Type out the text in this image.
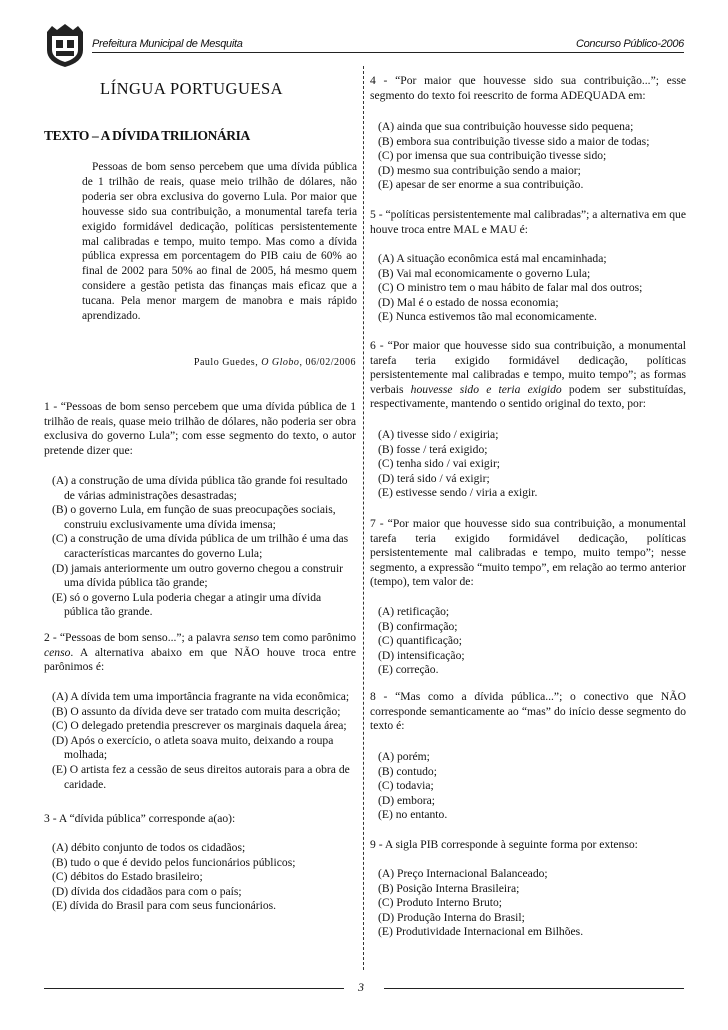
Prefeitura Municipal de Mesquita	Concurso Público-2006
LÍNGUA PORTUGUESA
TEXTO – A DÍVIDA TRILIONÁRIA

Pessoas de bom senso percebem que uma dívida pública de 1 trilhão de reais, quase meio trilhão de dólares, não poderia ser obra exclusiva do governo Lula. Por maior que houvesse sido sua contribuição, a monumental tarefa teria exigido formidável dedicação, políticas persistentemente mal calibradas e tempo, muito tempo. Mas como a dívida pública expressa em porcentagem do PIB caiu de 60% ao final de 2002 para 50% ao final de 2005, há mesmo quem considere a gestão petista das finanças mais eficaz que a tucana. Pela menor margem de manobra e mais rápido aprendizado.

Paulo Guedes, O Globo, 06/02/2006

1 - “Pessoas de bom senso percebem que uma dívida pública de 1 trilhão de reais, quase meio trilhão de dólares, não poderia ser obra exclusiva do governo Lula”; com esse segmento do texto, o autor pretende dizer que:

(A) a construção de uma dívida pública tão grande foi resultado de várias administrações desastradas;
(B) o governo Lula, em função de suas preocupações sociais, construiu exclusivamente uma dívida imensa;
(C) a construção de uma dívida pública de um trilhão é uma das características marcantes do governo Lula;
(D) jamais anteriormente um outro governo chegou a construir uma dívida pública tão grande;
(E) só o governo Lula poderia chegar a atingir uma dívida pública tão grande.

2 - “Pessoas de bom senso...”; a palavra senso tem como parônimo censo. A alternativa abaixo em que NÃO houve troca entre parônimos é:

(A) A dívida tem uma importância fragrante na vida econômica;
(B) O assunto da dívida deve ser tratado com muita descrição;
(C) O delegado pretendia prescrever os marginais daquela área;
(D) Após o exercício, o atleta soava muito, deixando a roupa molhada;
(E) O artista fez a cessão de seus direitos autorais para a obra de caridade.

3 - A “dívida pública” corresponde a(ao):

(A) débito conjunto de todos os cidadãos;
(B) tudo o que é devido pelos funcionários públicos;
(C) débitos do Estado brasileiro;
(D) dívida dos cidadãos para com o país;
(E) dívida do Brasil para com seus funcionários.

4 - “Por maior que houvesse sido sua contribuição...”; esse segmento do texto foi reescrito de forma ADEQUADA em:

(A) ainda que sua contribuição houvesse sido pequena;
(B) embora sua contribuição tivesse sido a maior de todas;
(C) por imensa que sua contribuição tivesse sido;
(D) mesmo sua contribuição sendo a maior;
(E) apesar de ser enorme a sua contribuição.

5 - “políticas persistentemente mal calibradas”; a alternativa em que houve troca entre MAL e MAU é:

(A) A situação econômica está mal encaminhada;
(B) Vai mal economicamente o governo Lula;
(C) O ministro tem o mau hábito de falar mal dos outros;
(D) Mal é o estado de nossa economia;
(E) Nunca estivemos tão mal economicamente.

6 - “Por maior que houvesse sido sua contribuição, a monumental tarefa teria exigido formidável dedicação, políticas persistentemente mal calibradas e tempo, muito tempo”; as formas verbais houvesse sido e teria exigido podem ser substituídas, respectivamente, mantendo o sentido original do texto, por:

(A) tivesse sido / exigiria;
(B) fosse / terá exigido;
(C) tenha sido / vai exigir;
(D) terá sido / vá exigir;
(E) estivesse sendo / viria a exigir.

7 - “Por maior que houvesse sido sua contribuição, a monumental tarefa teria exigido formidável dedicação, políticas persistentemente mal calibradas e tempo, muito tempo”; nesse segmento, a expressão “muito tempo”, em relação ao termo anterior (tempo), tem valor de:

(A) retificação;
(B) confirmação;
(C) quantificação;
(D) intensificação;
(E) correção.

8 - “Mas como a dívida pública...”; o conectivo que NÃO corresponde semanticamente ao “mas” do início desse segmento do texto é:

(A) porém;
(B) contudo;
(C) todavia;
(D) embora;
(E) no entanto.

9 - A sigla PIB corresponde à seguinte forma por extenso:

(A) Preço Internacional Balanceado;
(B) Posição Interna Brasileira;
(C) Produto Interno Bruto;
(D) Produção Interna do Brasil;
(E) Produtividade Internacional em Bilhões.
3
